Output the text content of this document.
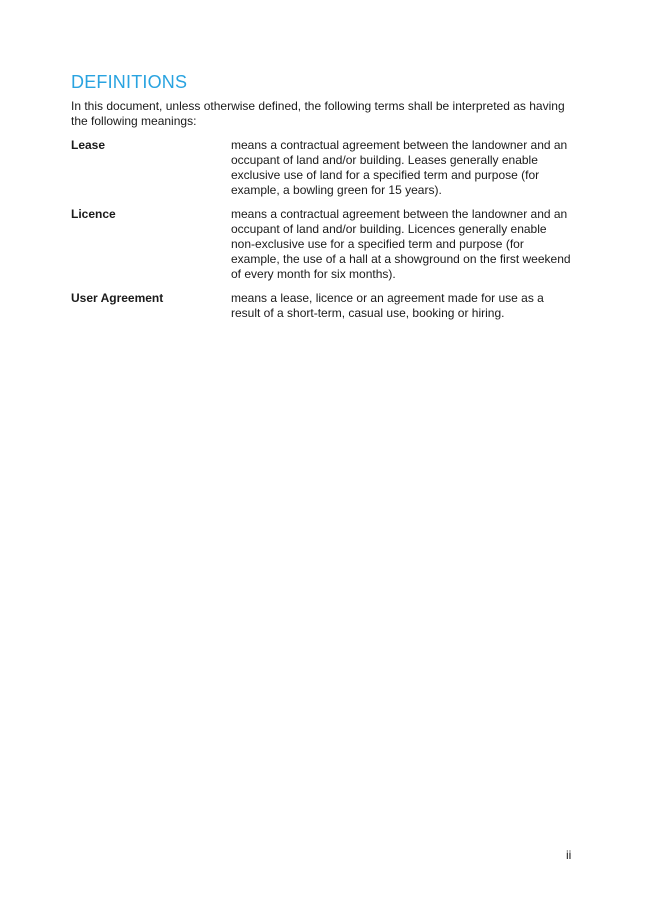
DEFINITIONS

In this document, unless otherwise defined, the following terms shall be interpreted as having the following meanings:

Lease	means a contractual agreement between the landowner and an occupant of land and/or building. Leases generally enable exclusive use of land for a specified term and purpose (for example, a bowling green for 15 years).
Licence	means a contractual agreement between the landowner and an occupant of land and/or building. Licences generally enable non-exclusive use for a specified term and purpose (for example, the use of a hall at a showground on the first weekend of every month for six months).
User Agreement	means a lease, licence or an agreement made for use as a result of a short-term, casual use, booking or hiring.
ii
